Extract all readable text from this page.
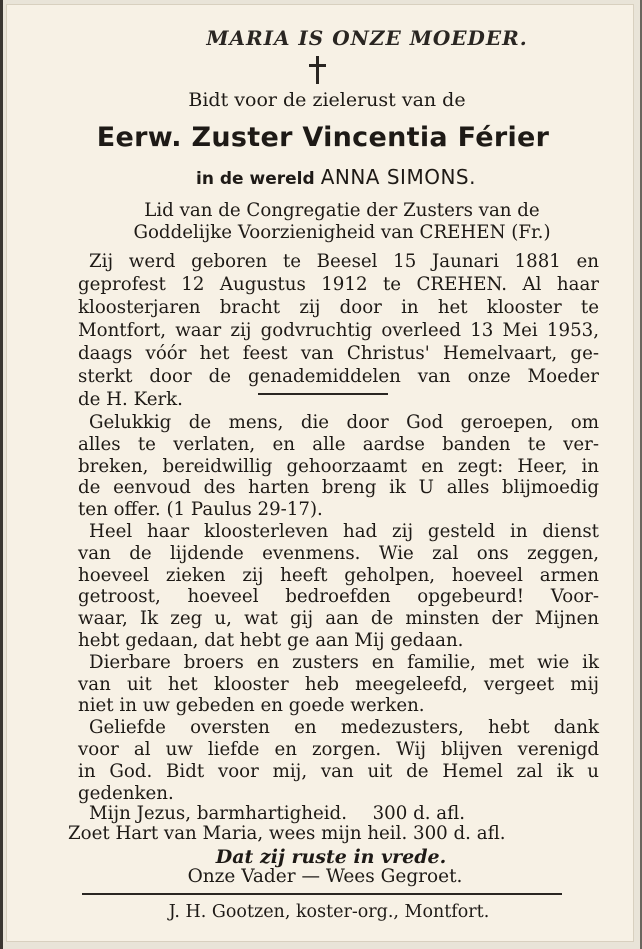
MARIA IS ONZE MOEDER.
Bidt voor de zielerust van de
Eerw. Zuster Vincentia Férier
in de wereld ANNA SIMONS.
Lid van de Congregatie der Zusters van de
Goddelijke Voorzienigheid van CREHEN (Fr.)
Zij werd geboren te Beesel 15 Jaunari 1881 en
geprofest 12 Augustus 1912 te CREHEN. Al haar
kloosterjaren bracht zij door in het klooster te
Montfort, waar zij godvruchtig overleed 13 Mei 1953,
daags vóór het feest van Christus' Hemelvaart, ge-
sterkt door de genademiddelen van onze Moeder
de H. Kerk.
Gelukkig de mens, die door God geroepen, om
alles te verlaten, en alle aardse banden te ver-
breken, bereidwillig gehoorzaamt en zegt: Heer, in
de eenvoud des harten breng ik U alles blijmoedig
ten offer. (1 Paulus 29-17).
Heel haar kloosterleven had zij gesteld in dienst
van de lijdende evenmens. Wie zal ons zeggen,
hoeveel zieken zij heeft geholpen, hoeveel armen
getroost, hoeveel bedroefden opgebeurd! Voor-
waar, Ik zeg u, wat gij aan de minsten der Mijnen
hebt gedaan, dat hebt ge aan Mij gedaan.
Dierbare broers en zusters en familie, met wie ik
van uit het klooster heb meegeleefd, vergeet mij
niet in uw gebeden en goede werken.
Geliefde oversten en medezusters, hebt dank
voor al uw liefde en zorgen. Wij blijven verenigd
in God. Bidt voor mij, van uit de Hemel zal ik u
gedenken.
Mijn Jezus, barmhartigheid. 300 d. afl.
Zoet Hart van Maria, wees mijn heil. 300 d. afl.
Dat zij ruste in vrede.
Onze Vader — Wees Gegroet.
J. H. Gootzen, koster-org., Montfort.
